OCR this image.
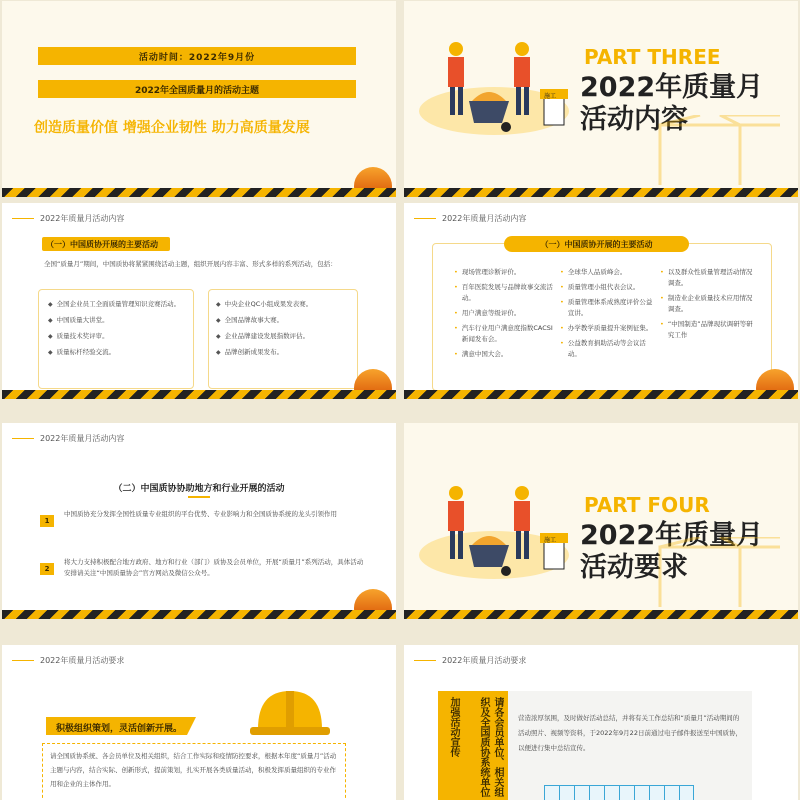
活动时间：2022年9月份
2022年全国质量月的活动主题
创造质量价值 增强企业韧性 助力高质量发展
施工
PART THREE
2022年质量月
活动内容
2022年质量月活动内容
（一）中国质协开展的主要活动
全国“质量月”期间，中国质协将紧紧围绕活动主题，组织开展内容丰富、形式多样的系列活动，包括：
◆ 全国企业员工全面质量管理知识竞赛活动。
◆ 中国质量大讲堂。
◆ 质量技术奖评审。
◆ 质量标杆经验交流。
◆ 中央企业QC小组成果发表赛。
◆ 全国品牌故事大赛。
◆ 企业品牌建设发展指数评估。
◆ 品牌创新成果发布。
2022年质量月活动内容
（一）中国质协开展的主要活动
• 现场管理诊断评价。
• 百年医院发展与品牌故事交流活动。
• 用户满意等级评价。
• 汽车行业用户满意度指数CACSI新闻发布会。
• 满意中国大会。
• 全球华人品质峰会。
• 质量管理小组代表会议。
• 质量管理体系成熟度评价公益宣讲。
• 办学教学质量提升案例征集。
• 公益教育捐助活动等会议活动。
• 以及群众性质量管理活动情况调查。
• 制造业企业质量技术应用情况调查。
• “中国制造”品牌现状调研等研究工作
2022年质量月活动内容
（二）中国质协协助地方和行业开展的活动
1
中国质协充分发挥全国性质量专业组织的平台优势、专业影响力和全国质协系统的龙头引领作用
2
将大力支持积极配合地方政府、地方和行业（部门）质协及会员单位，开展“质量月”系列活动，具体活动安排请关注“中国质量协会”官方网站及微信公众号。
施工
PART FOUR
2022年质量月
活动要求
2022年质量月活动要求
积极组织策划，灵活创新开展。
请全国质协系统、各会员单位及相关组织，结合工作实际和疫情防控要求，根据本年度“质量月”活动主题与内容，结合实际、创新形式，提前策划，扎实开展各类质量活动，积极发挥质量组织的专业作用和企业的主体作用。
2022年质量月活动要求
加强活动宣传	请各会员单位、相关组织及全国质协系统单位	营造浓厚氛围，及时做好活动总结，并将有关工作总结和“质量月”活动期间的活动照片、视频等资料，于2022年9月22日前通过电子邮件报送至中国质协，以便进行集中总结宣传。
